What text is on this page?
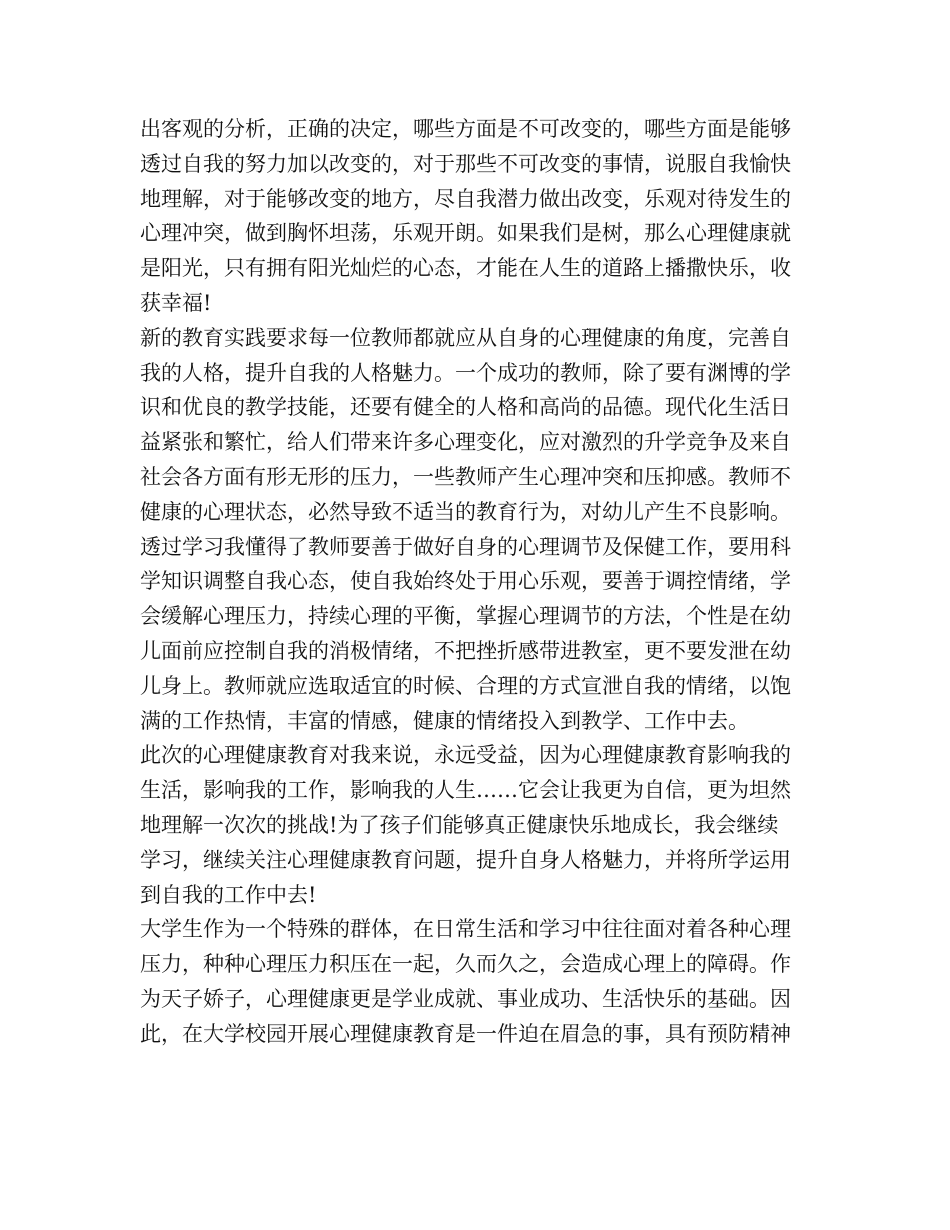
出客观的分析，正确的决定，哪些方面是不可改变的，哪些方面是能够
透过自我的努力加以改变的，对于那些不可改变的事情，说服自我愉快
地理解，对于能够改变的地方，尽自我潜力做出改变，乐观对待发生的
心理冲突，做到胸怀坦荡，乐观开朗。如果我们是树，那么心理健康就
是阳光，只有拥有阳光灿烂的心态，才能在人生的道路上播撒快乐，收
获幸福!
新的教育实践要求每一位教师都就应从自身的心理健康的角度，完善自
我的人格，提升自我的人格魅力。一个成功的教师，除了要有渊博的学
识和优良的教学技能，还要有健全的人格和高尚的品德。现代化生活日
益紧张和繁忙，给人们带来许多心理变化，应对激烈的升学竞争及来自
社会各方面有形无形的压力，一些教师产生心理冲突和压抑感。教师不
健康的心理状态，必然导致不适当的教育行为，对幼儿产生不良影响。
透过学习我懂得了教师要善于做好自身的心理调节及保健工作，要用科
学知识调整自我心态，使自我始终处于用心乐观，要善于调控情绪，学
会缓解心理压力，持续心理的平衡，掌握心理调节的方法，个性是在幼
儿面前应控制自我的消极情绪，不把挫折感带进教室，更不要发泄在幼
儿身上。教师就应选取适宜的时候、合理的方式宣泄自我的情绪，以饱
满的工作热情，丰富的情感，健康的情绪投入到教学、工作中去。
此次的心理健康教育对我来说，永远受益，因为心理健康教育影响我的
生活，影响我的工作，影响我的人生……它会让我更为自信，更为坦然
地理解一次次的挑战!为了孩子们能够真正健康快乐地成长，我会继续
学习，继续关注心理健康教育问题，提升自身人格魅力，并将所学运用
到自我的工作中去!
大学生作为一个特殊的群体，在日常生活和学习中往往面对着各种心理
压力，种种心理压力积压在一起，久而久之，会造成心理上的障碍。作
为天子娇子，心理健康更是学业成就、事业成功、生活快乐的基础。因
此，在大学校园开展心理健康教育是一件迫在眉急的事，具有预防精神
